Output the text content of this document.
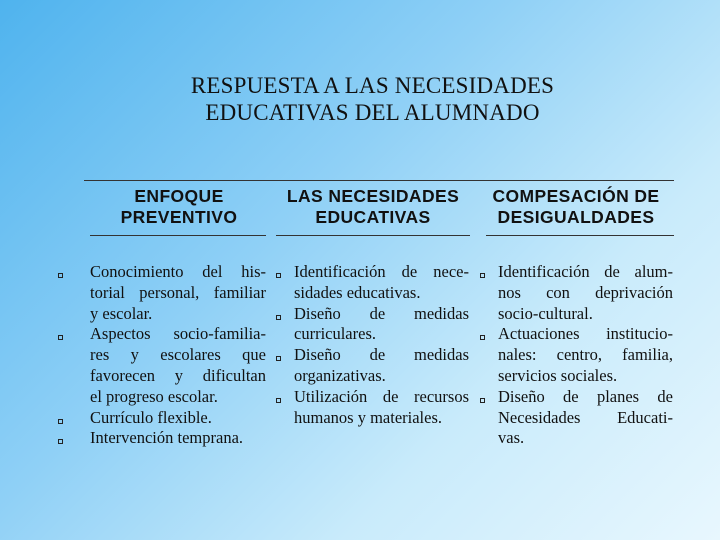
RESPUESTA A LAS NECESIDADES
EDUCATIVAS DEL ALUMNADO
ENFOQUE
PREVENTIVO
Conocimiento del his-
torial personal, familiar
y escolar.
Aspectos socio-familia-
res y escolares que
favorecen y dificultan
el progreso escolar.
Currículo flexible.
Intervención temprana.
LAS NECESIDADES
EDUCATIVAS
Identificación de nece-
sidades educativas.
Diseño de medidas
curriculares.
Diseño de medidas
organizativas.
Utilización de recursos
humanos y materiales.
COMPESACIÓN DE
DESIGUALDADES
Identificación de alum-
nos con deprivación
socio-cultural.
Actuaciones institucio-
nales: centro, familia,
servicios sociales.
Diseño de planes de
Necesidades Educati-
vas.
